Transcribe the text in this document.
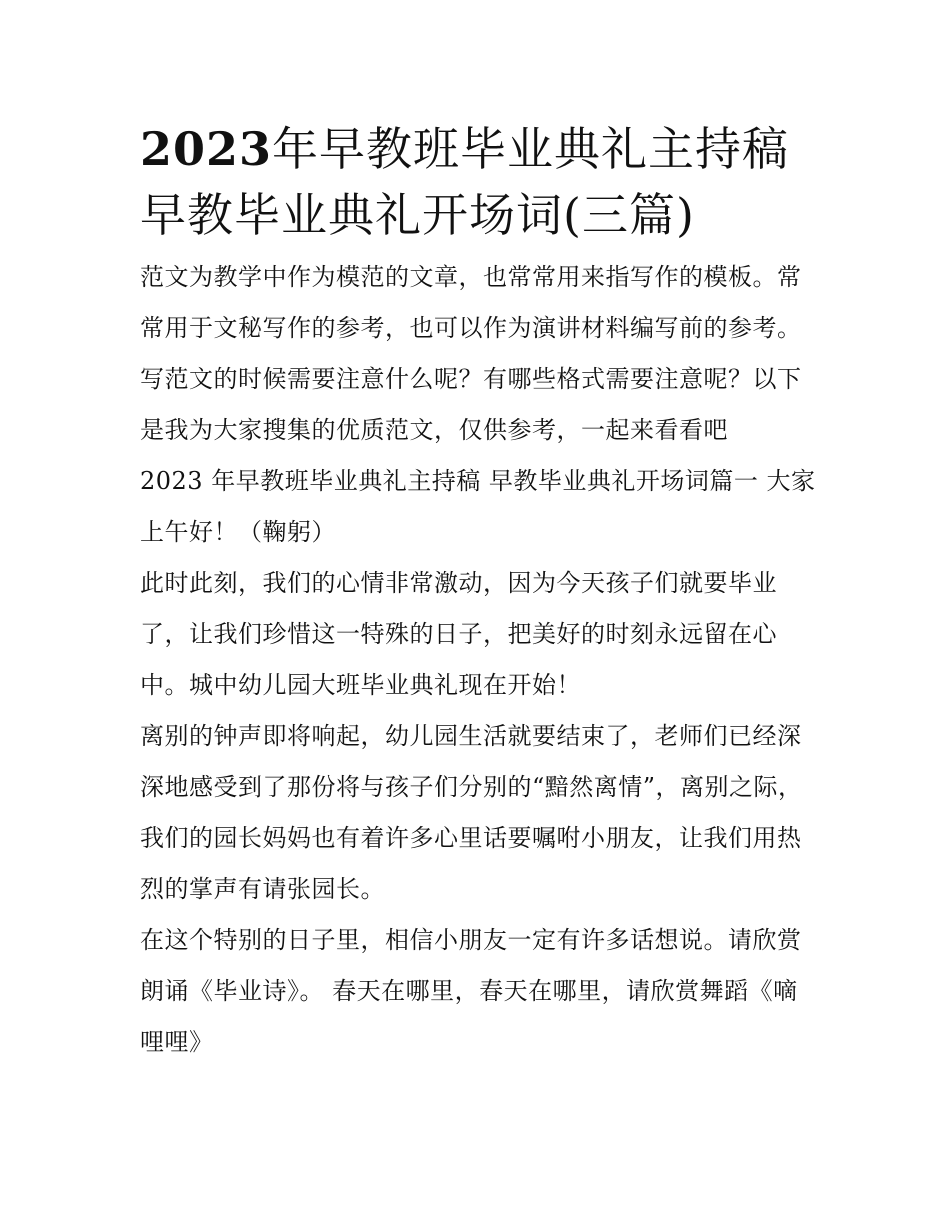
2023年早教班毕业典礼主持稿
早教毕业典礼开场词(三篇)

范文为教学中作为模范的文章，也常常用来指写作的模板。常常用于文秘写作的参考，也可以作为演讲材料编写前的参考。写范文的时候需要注意什么呢？有哪些格式需要注意呢？以下是我为大家搜集的优质范文，仅供参考，一起来看看吧

2023 年早教班毕业典礼主持稿 早教毕业典礼开场词篇一 大家上午好！（鞠躬）

此时此刻，我们的心情非常激动，因为今天孩子们就要毕业了，让我们珍惜这一特殊的日子，把美好的时刻永远留在心中。城中幼儿园大班毕业典礼现在开始！

离别的钟声即将响起，幼儿园生活就要结束了，老师们已经深深地感受到了那份将与孩子们分别的“黯然离情”，离别之际，我们的园长妈妈也有着许多心里话要嘱咐小朋友，让我们用热烈的掌声有请张园长。

在这个特别的日子里，相信小朋友一定有许多话想说。请欣赏朗诵《毕业诗》。 春天在哪里，春天在哪里，请欣赏舞蹈《嘀哩哩》
